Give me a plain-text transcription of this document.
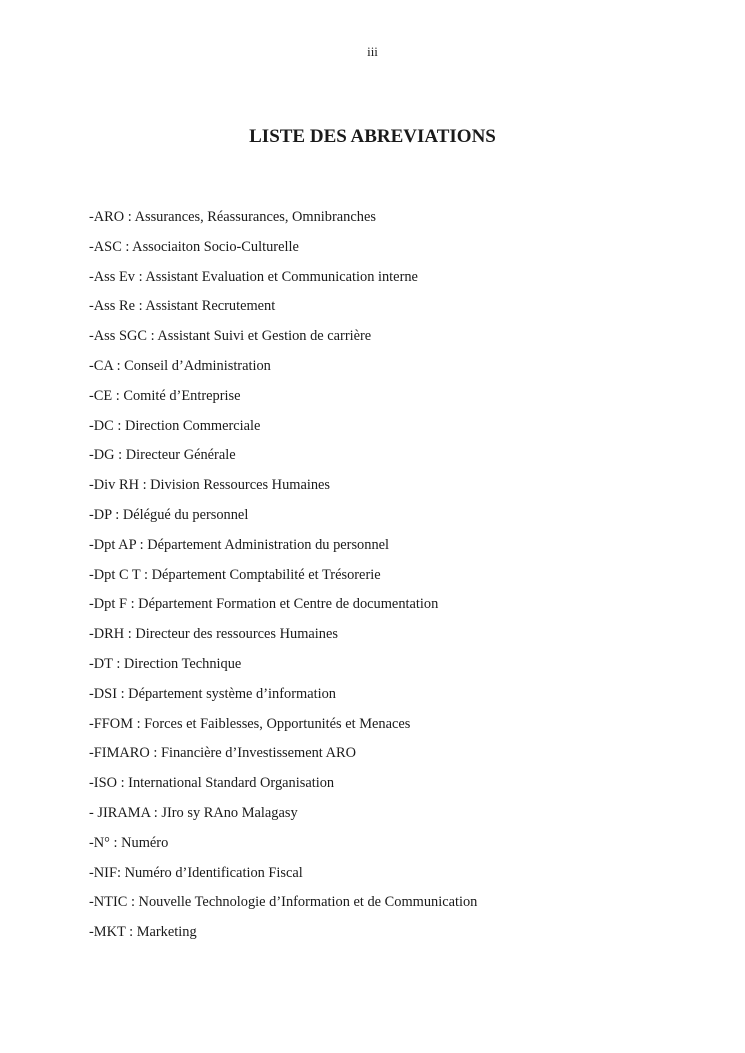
iii
LISTE DES ABREVIATIONS
-ARO : Assurances, Réassurances, Omnibranches
-ASC : Associaiton Socio-Culturelle
-Ass Ev : Assistant Evaluation et Communication interne
-Ass Re : Assistant Recrutement
-Ass SGC : Assistant Suivi et Gestion de carrière
-CA : Conseil d’Administration
-CE : Comité d’Entreprise
-DC : Direction Commerciale
-DG : Directeur Générale
-Div RH : Division Ressources Humaines
-DP : Délégué du personnel
-Dpt AP : Département Administration du personnel
-Dpt C T : Département Comptabilité et Trésorerie
-Dpt F : Département Formation et Centre de documentation
-DRH : Directeur des ressources Humaines
-DT : Direction Technique
-DSI : Département système d’information
-FFOM : Forces et Faiblesses, Opportunités et Menaces
-FIMARO : Financière d’Investissement ARO
-ISO : International Standard Organisation
- JIRAMA : JIro sy RAno Malagasy
-N° : Numéro
-NIF: Numéro d’Identification Fiscal
-NTIC : Nouvelle Technologie d’Information et de Communication
-MKT : Marketing
